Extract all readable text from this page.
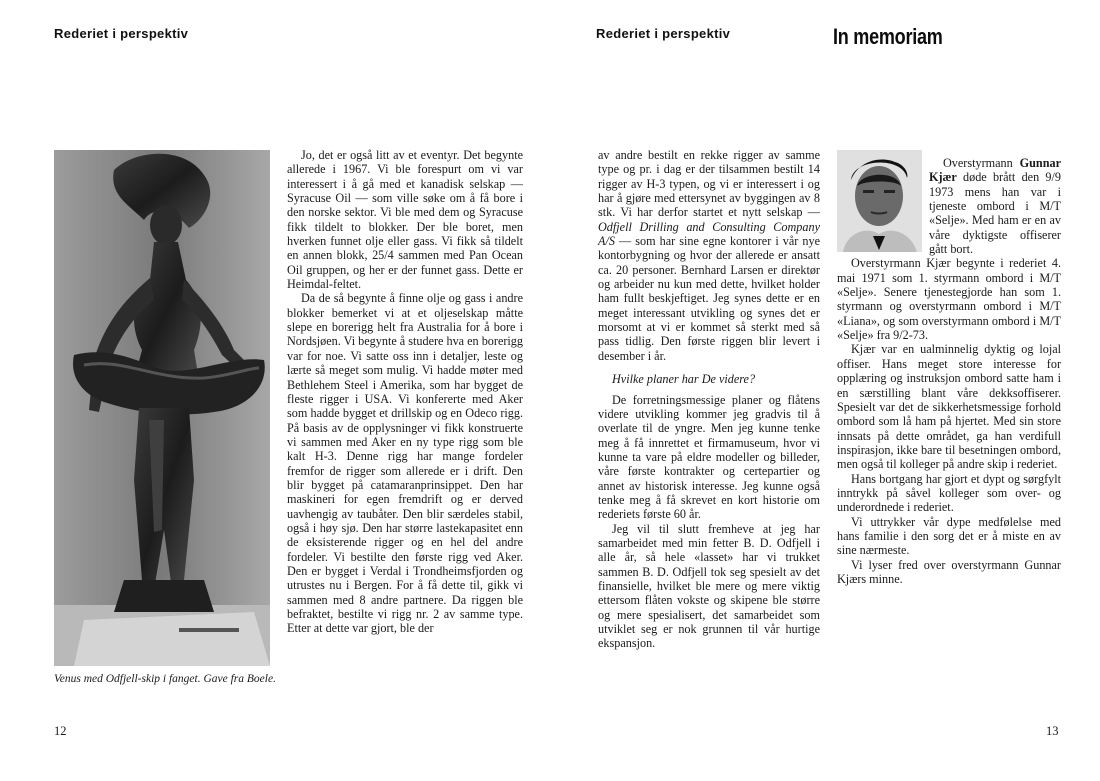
Rederiet i perspektiv

Venus med Odfjell-skip i fanget. Gave fra Boele.

Jo, det er også litt av et eventyr. Det begynte allerede i 1967. Vi ble forespurt om vi var interessert i å gå med et kanadisk selskap — Syracuse Oil — som ville søke om å få bore i den norske sektor. Vi ble med dem og Syracuse fikk tildelt to blokker. Der ble boret, men hverken funnet olje eller gass. Vi fikk så tildelt en annen blokk, 25/4 sammen med Pan Ocean Oil gruppen, og her er der funnet gass. Dette er Heimdal-feltet.

Da de så begynte å finne olje og gass i andre blokker bemerket vi at et oljeselskap måtte slepe en borerigg helt fra Australia for å bore i Nordsjøen. Vi begynte å studere hva en borerigg var for noe. Vi satte oss inn i detaljer, leste og lærte så meget som mulig. Vi hadde møter med Bethlehem Steel i Amerika, som har bygget de fleste rigger i USA. Vi konfererte med Aker som hadde bygget et drillskip og en Odeco rigg. På basis av de opplysninger vi fikk konstruerte vi sammen med Aker en ny type rigg som ble kalt H-3. Denne rigg har mange fordeler fremfor de rigger som allerede er i drift. Den blir bygget på catamaranprinsippet. Den har maskineri for egen fremdrift og er derved uavhengig av taubåter. Den blir særdeles stabil, også i høy sjø. Den har større lastekapasitet enn de eksisterende rigger og en hel del andre fordeler. Vi bestilte den første rigg ved Aker. Den er bygget i Verdal i Trondheimsfjorden og utrustes nu i Bergen. For å få dette til, gikk vi sammen med 8 andre partnere. Da riggen ble befraktet, bestilte vi rigg nr. 2 av samme type. Etter at dette var gjort, ble der

12

Rederiet i perspektiv	In memoriam

av andre bestilt en rekke rigger av samme type og pr. i dag er der tilsammen bestilt 14 rigger av H-3 typen, og vi er interessert i og har å gjøre med ettersynet av byggingen av 8 stk. Vi har derfor startet et nytt selskap — Odfjell Drilling and Consulting Company A/S — som har sine egne kontorer i vår nye kontorbygning og hvor der allerede er ansatt ca. 20 personer. Bernhard Larsen er direktør og arbeider nu kun med dette, hvilket holder ham fullt beskjeftiget. Jeg synes dette er en meget interessant utvikling og synes det er morsomt at vi er kommet så sterkt med så pass tidlig. Den første riggen blir levert i desember i år.

Hvilke planer har De videre?

De forretningsmessige planer og flåtens videre utvikling kommer jeg gradvis til å overlate til de yngre. Men jeg kunne tenke meg å få innrettet et firmamuseum, hvor vi kunne ta vare på eldre modeller og billeder, våre første kontrakter og certepartier og annet av historisk interesse. Jeg kunne også tenke meg å få skrevet en kort historie om rederiets første 60 år.

Jeg vil til slutt fremheve at jeg har samarbeidet med min fetter B. D. Odfjell i alle år, så hele «lasset» har vi trukket sammen B. D. Odfjell tok seg spesielt av det finansielle, hvilket ble mere og mere viktig ettersom flåten vokste og skipene ble større og mere spesialisert, det samarbeidet som utviklet seg er nok grunnen til vår hurtige ekspansjon.

Overstyrmann Gunnar Kjær døde brått den 9/9 1973 mens han var i tjeneste ombord i M/T «Selje». Med ham er en av våre dyktigste offiserer gått bort.

Overstyrmann Kjær begynte i rederiet 4. mai 1971 som 1. styrmann ombord i M/T «Selje». Senere tjenestegjorde han som 1. styrmann og overstyrmann ombord i M/T «Liana», og som overstyrmann ombord i M/T «Selje» fra 9/2-73.

Kjær var en ualminnelig dyktig og lojal offiser. Hans meget store interesse for opplæring og instruksjon ombord satte ham i en særstilling blant våre dekksoffiserer. Spesielt var det de sikkerhetsmessige forhold ombord som lå ham på hjertet. Med sin store innsats på dette området, ga han verdifull inspirasjon, ikke bare til besetningen ombord, men også til kolleger på andre skip i rederiet.

Hans bortgang har gjort et dypt og sørgfylt inntrykk på såvel kolleger som over- og underordnede i rederiet.

Vi uttrykker vår dype medfølelse med hans familie i den sorg det er å miste en av sine nærmeste.

Vi lyser fred over overstyrmann Gunnar Kjærs minne.

13
